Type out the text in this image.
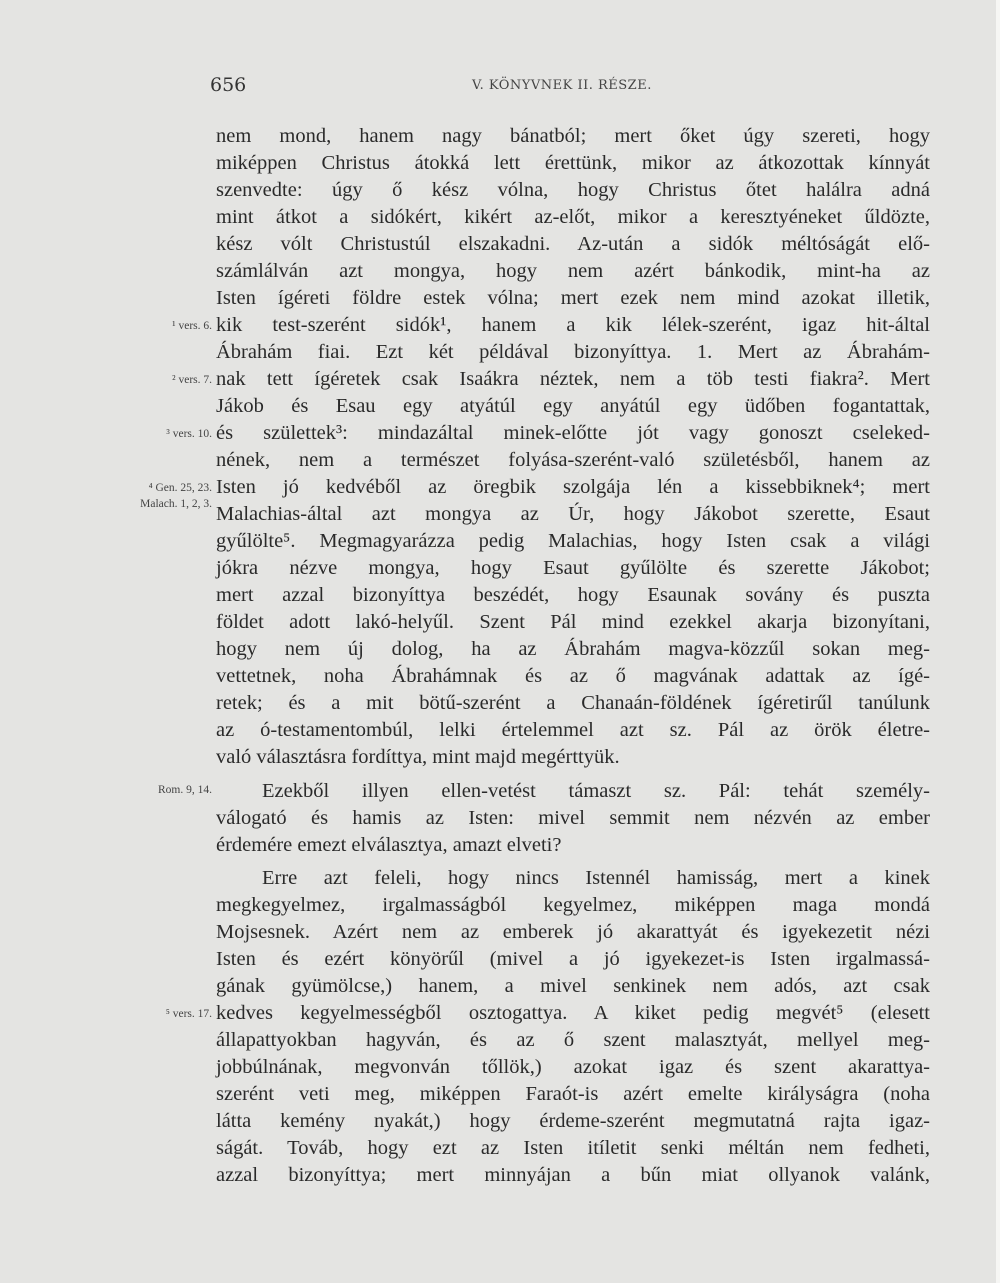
656	V. KÖNYVNEK II. RÉSZE.
nem mond, hanem nagy bánatból; mert őket úgy szereti, hogy
miképpen Christus átokká lett érettünk, mikor az átkozottak kínnyát
szenvedte: úgy ő kész vólna, hogy Christus őtet halálra adná
mint átkot a sidókért, kikért az-előt, mikor a keresztyéneket űldözte,
kész vólt Christustúl elszakadni. Az-után a sidók méltóságát elő-
számlálván azt mongya, hogy nem azért bánkodik, mint-ha az
Isten ígéreti földre estek vólna; mert ezek nem mind azokat illetik,
kik test-szerént sidók¹, hanem a kik lélek-szerént, igaz hit-által
Ábrahám fiai. Ezt két példával bizonyíttya. 1. Mert az Ábrahám-
nak tett ígéretek csak Isaákra néztek, nem a töb testi fiakra². Mert
Jákob és Esau egy atyátúl egy anyátúl egy üdőben fogantattak,
és születtek³: mindazáltal minek-előtte jót vagy gonoszt cseleked-
nének, nem a természet folyása-szerént-való születésből, hanem az
Isten jó kedvéből az öregbik szolgája lén a kissebbiknek⁴; mert
Malachias-által azt mongya az Úr, hogy Jákobot szerette, Esaut
gyűlölte⁵. Megmagyarázza pedig Malachias, hogy Isten csak a világi
jókra nézve mongya, hogy Esaut gyűlölte és szerette Jákobot;
mert azzal bizonyíttya beszédét, hogy Esaunak sovány és puszta
földet adott lakó-helyűl. Szent Pál mind ezekkel akarja bizonyítani,
hogy nem új dolog, ha az Ábrahám magva-közzűl sokan meg-
vettetnek, noha Ábrahámnak és az ő magvának adattak az ígé-
retek; és a mit bötű-szerént a Chanaán-földének ígéretirűl tanúlunk
az ó-testamentombúl, lelki értelemmel azt sz. Pál az örök életre-
való választásra fordíttya, mint majd megérttyük.
Ezekből illyen ellen-vetést támaszt sz. Pál: tehát személy-
válogató és hamis az Isten: mivel semmit nem nézvén az ember
érdemére emezt elválasztya, amazt elveti?
Erre azt feleli, hogy nincs Istennél hamisság, mert a kinek
megkegyelmez, irgalmasságból kegyelmez, miképpen maga mondá
Mojsesnek. Azért nem az emberek jó akarattyát és igyekezetit nézi
Isten és ezért könyörűl (mivel a jó igyekezet-is Isten irgalmassá-
gának gyümölcse,) hanem, a mivel senkinek nem adós, azt csak
kedves kegyelmességből osztogattya. A kiket pedig megvét⁵ (elesett
állapattyokban hagyván, és az ő szent malasztyát, mellyel meg-
jobbúlnának, megvonván tőllök,) azokat igaz és szent akarattya-
szerént veti meg, miképpen Faraót-is azért emelte királyságra (noha
látta kemény nyakát,) hogy érdeme-szerént megmutatná rajta igaz-
ságát. Továb, hogy ezt az Isten itíletit senki méltán nem fedheti,
azzal bizonyíttya; mert minnyájan a bűn miat ollyanok valánk,
¹ vers. 6.
² vers. 7.
³ vers. 10.
⁴ Gen. 25, 23.
Malach. 1, 2, 3.
Rom. 9, 14.
⁵ vers. 17.
